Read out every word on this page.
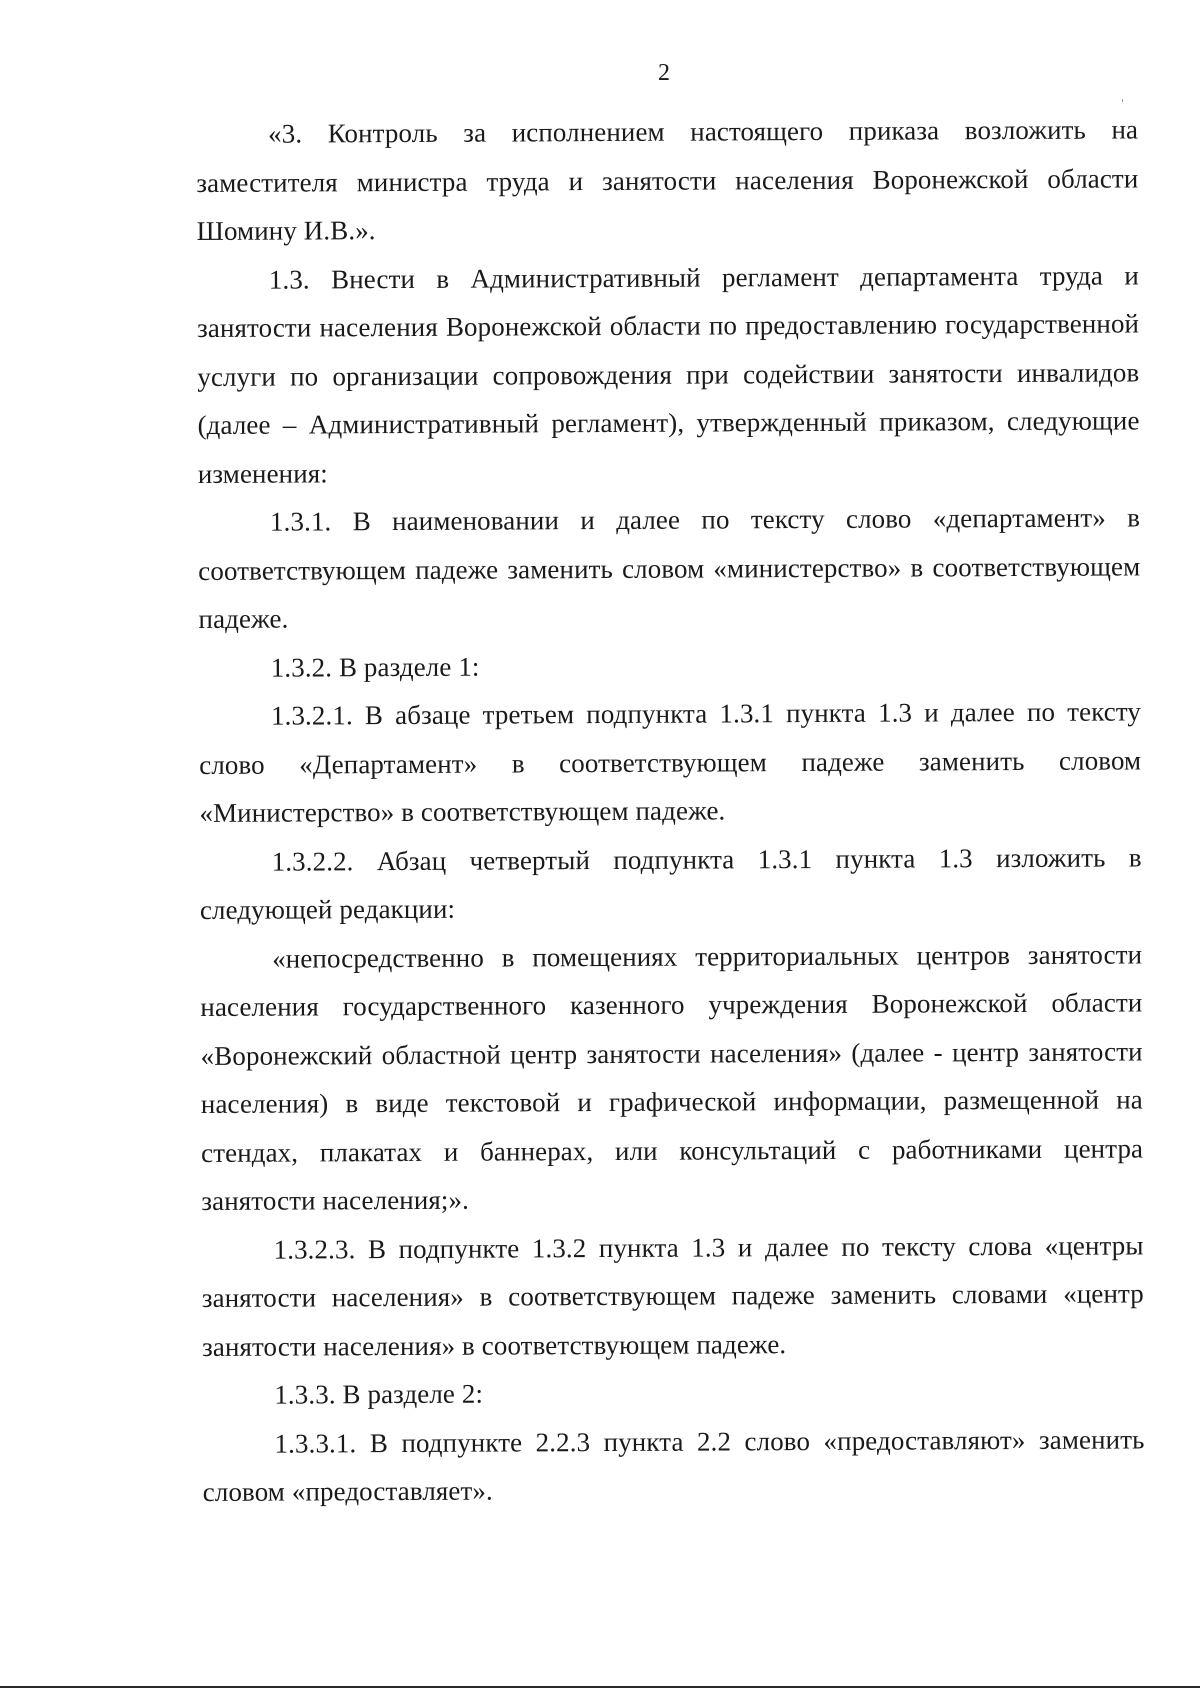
2

«3. Контроль за исполнением настоящего приказа возложить на заместителя министра труда и занятости населения Воронежской области Шомину И.В.».

1.3. Внести в Административный регламент департамента труда и занятости населения Воронежской области по предоставлению государственной услуги по организации сопровождения при содействии занятости инвалидов (далее – Административный регламент), утвержденный приказом, следующие изменения:

1.3.1. В наименовании и далее по тексту слово «департамент» в соответствующем падеже заменить словом «министерство» в соответствующем падеже.

1.3.2. В разделе 1:

1.3.2.1. В абзаце третьем подпункта 1.3.1 пункта 1.3 и далее по тексту слово «Департамент» в соответствующем падеже заменить словом «Министерство» в соответствующем падеже.

1.3.2.2. Абзац четвертый подпункта 1.3.1 пункта 1.3 изложить в следующей редакции:

«непосредственно в помещениях территориальных центров занятости населения государственного казенного учреждения Воронежской области «Воронежский областной центр занятости населения» (далее - центр занятости населения) в виде текстовой и графической информации, размещенной на стендах, плакатах и баннерах, или консультаций с работниками центра занятости населения;».

1.3.2.3. В подпункте 1.3.2 пункта 1.3 и далее по тексту слова «центры занятости населения» в соответствующем падеже заменить словами «центр занятости населения» в соответствующем падеже.

1.3.3. В разделе 2:

1.3.3.1. В подпункте 2.2.3 пункта 2.2 слово «предоставляют» заменить словом «предоставляет».
